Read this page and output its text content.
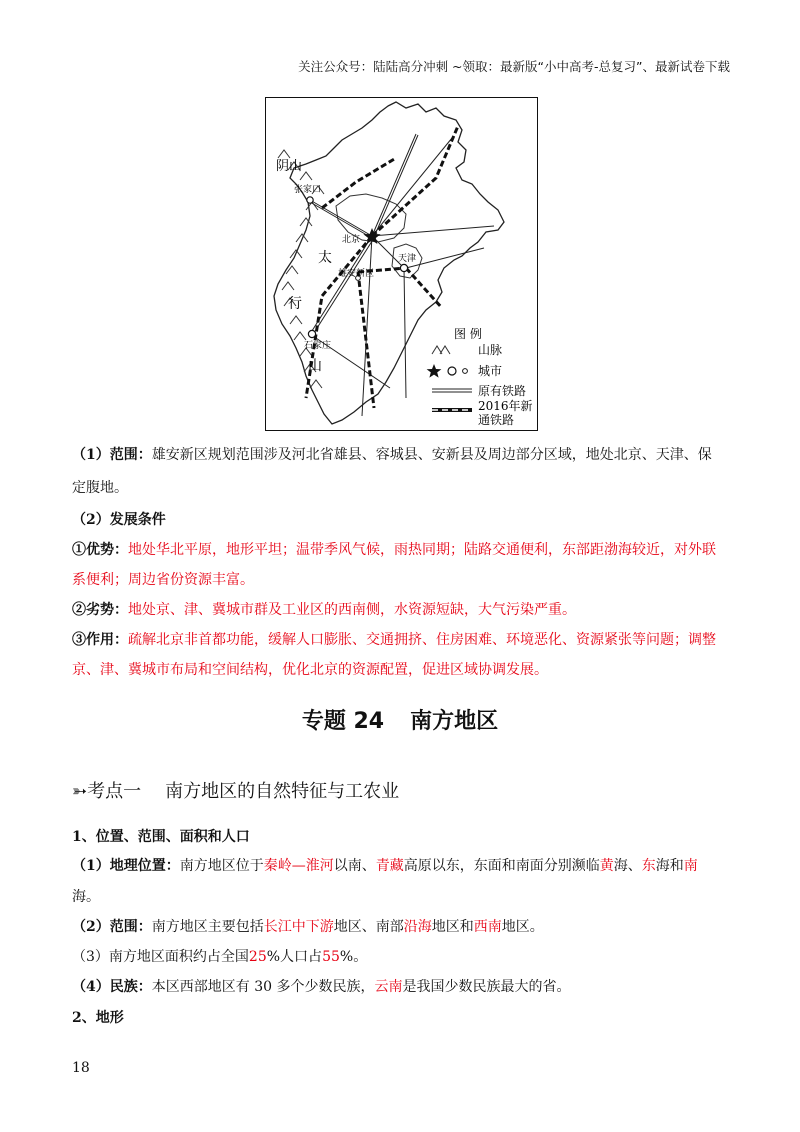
关注公众号：陆陆高分冲刺 ~领取：最新版“小中高考-总复习”、最新试卷下载
阴山
张家口
北京
太
雄安新区
天津
行
石家庄
山
图 例
山脉
城市
原有铁路
2016年新
通铁路
（1）范围：雄安新区规划范围涉及河北省雄县、容城县、安新县及周边部分区域，地处北京、天津、保
定腹地。
（2）发展条件
①优势：地处华北平原，地形平坦；温带季风气候，雨热同期；陆路交通便利，东部距渤海较近，对外联
系便利；周边省份资源丰富。
②劣势：地处京、津、冀城市群及工业区的西南侧，水资源短缺，大气污染严重。
③作用：疏解北京非首都功能，缓解人口膨胀、交通拥挤、住房困难、环境恶化、资源紧张等问题；调整
京、津、冀城市布局和空间结构，优化北京的资源配置，促进区域协调发展。
专题 24 南方地区
➳考点一 南方地区的自然特征与工农业
1、位置、范围、面积和人口
（1）地理位置：南方地区位于秦岭—淮河以南、青藏高原以东，东面和南面分别濒临黄海、东海和南
海。
（2）范围：南方地区主要包括长江中下游地区、南部沿海地区和西南地区。
（3）南方地区面积约占全国25%人口占55%。
（4）民族：本区西部地区有 30 多个少数民族，云南是我国少数民族最大的省。
2、地形
18
